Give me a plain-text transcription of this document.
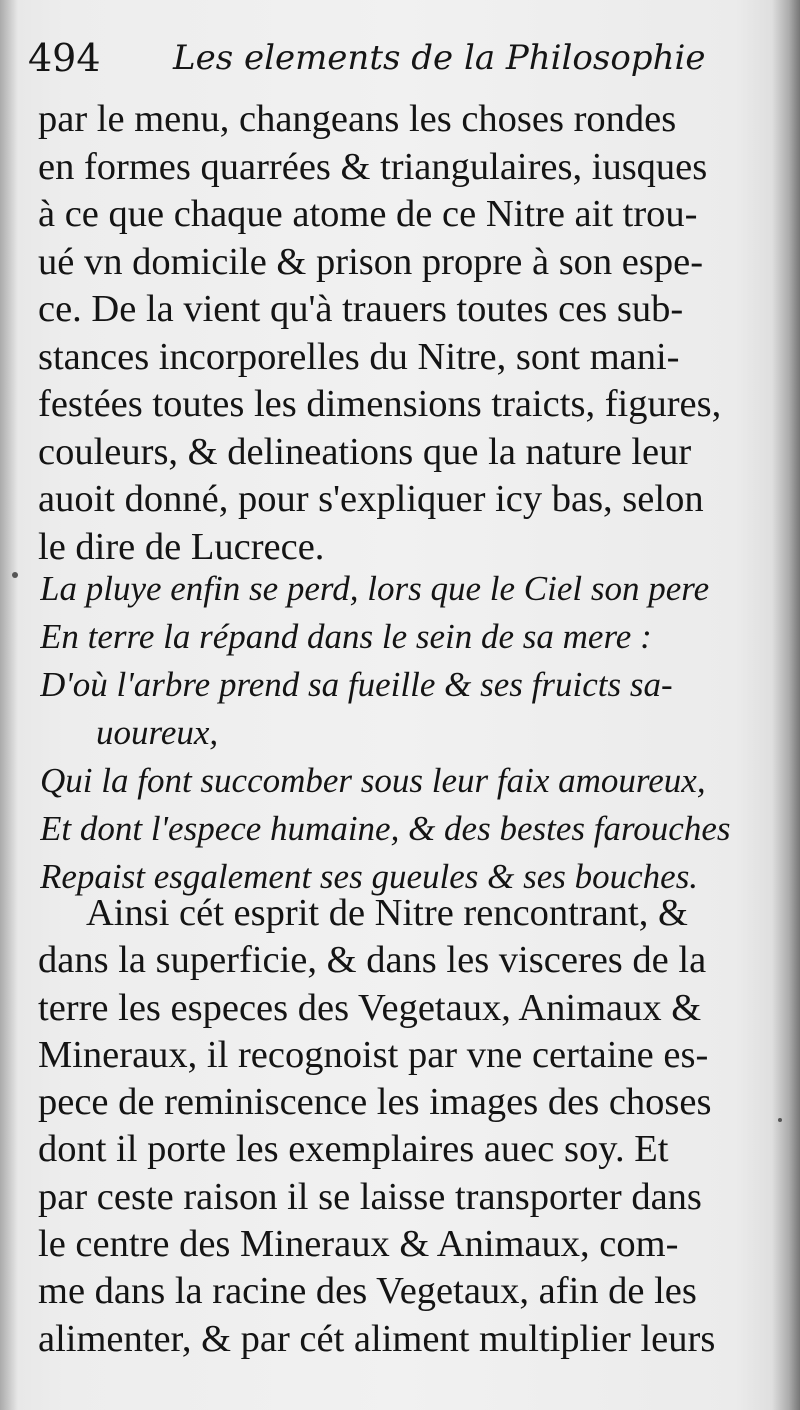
494 Les elements de la Philosophie
par le menu, changeans les choses rondes
en formes quarrées & triangulaires, iusques
à ce que chaque atome de ce Nitre ait trou-
ué vn domicile & prison propre à son espe-
ce. De la vient qu'à trauers toutes ces sub-
stances incorporelles du Nitre, sont mani-
festées toutes les dimensions traicts, figures,
couleurs, & delineations que la nature leur
auoit donné, pour s'expliquer icy bas, selon
le dire de Lucrece.
La pluye enfin se perd, lors que le Ciel son pere
En terre la répand dans le sein de sa mere :
D'où l'arbre prend sa fueille & ses fruicts sa-
uoureux,
Qui la font succomber sous leur faix amoureux,
Et dont l'espece humaine, & des bestes farouches
Repaist esgalement ses gueules & ses bouches.
Ainsi cét esprit de Nitre rencontrant, &
dans la superficie, & dans les visceres de la
terre les especes des Vegetaux, Animaux &
Mineraux, il recognoist par vne certaine es-
pece de reminiscence les images des choses
dont il porte les exemplaires auec soy. Et
par ceste raison il se laisse transporter dans
le centre des Mineraux & Animaux, com-
me dans la racine des Vegetaux, afin de les
alimenter, & par cét aliment multiplier leurs
